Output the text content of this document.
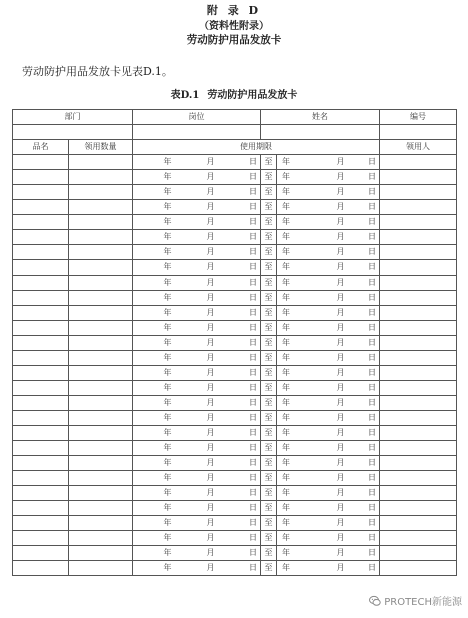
附 录 D
（资料性附录）
劳动防护用品发放卡
劳动防护用品发放卡见表D.1。
表D.1 劳动防护用品发放卡
部门		岗位			姓名				编号

品名	领用数量	使用期限							领用人
		年	月	日	至	年	月	日	
		年	月	日	至	年	月	日	
		年	月	日	至	年	月	日	
		年	月	日	至	年	月	日	
		年	月	日	至	年	月	日	
		年	月	日	至	年	月	日	
		年	月	日	至	年	月	日	
		年	月	日	至	年	月	日	
		年	月	日	至	年	月	日	
		年	月	日	至	年	月	日	
		年	月	日	至	年	月	日	
		年	月	日	至	年	月	日	
		年	月	日	至	年	月	日	
		年	月	日	至	年	月	日	
		年	月	日	至	年	月	日	
		年	月	日	至	年	月	日	
		年	月	日	至	年	月	日	
		年	月	日	至	年	月	日	
		年	月	日	至	年	月	日	
		年	月	日	至	年	月	日	
		年	月	日	至	年	月	日	
		年	月	日	至	年	月	日	
		年	月	日	至	年	月	日	
		年	月	日	至	年	月	日	
		年	月	日	至	年	月	日	
		年	月	日	至	年	月	日	
		年	月	日	至	年	月	日	
		年	月	日	至	年	月	日	
PROTECH新能源
